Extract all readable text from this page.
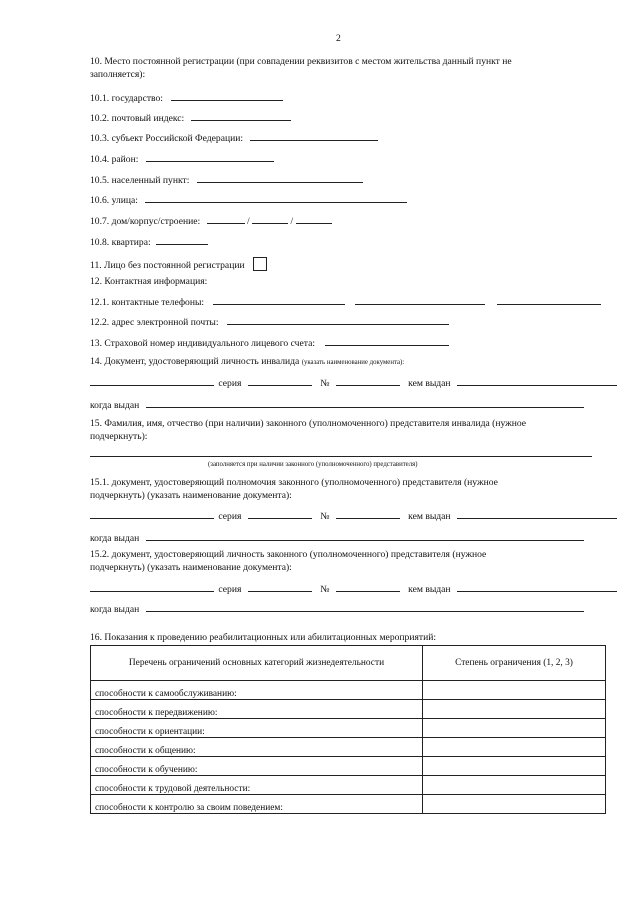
2
10. Место постоянной регистрации (при совпадении реквизитов с местом жительства данный пункт не
заполняется):
10.1. государство:
10.2. почтовый индекс:
10.3. субъект Российской Федерации:
10.4. район:
10.5. населенный пункт:
10.6. улица:
10.7. дом/корпус/строение:	/	/
10.8. квартира:
11. Лицо без постоянной регистрации
12. Контактная информация:
12.1. контактные телефоны:
12.2. адрес электронной почты:
13. Страховой номер индивидуального лицевого счета:
14. Документ, удостоверяющий личность инвалида (указать наименование документа):
серия	№	кем выдан
когда выдан
15. Фамилия, имя, отчество (при наличии) законного (уполномоченного) представителя инвалида (нужное
подчеркнуть):
(заполняется при наличии законного (уполномоченного) представителя)
15.1. документ, удостоверяющий полномочия законного (уполномоченного) представителя (нужное
подчеркнуть) (указать наименование документа):
серия	№	кем выдан
когда выдан
15.2. документ, удостоверяющий личность законного (уполномоченного) представителя (нужное
подчеркнуть) (указать наименование документа):
серия	№	кем выдан
когда выдан
16. Показания к проведению реабилитационных или абилитационных мероприятий:
Перечень ограничений основных категорий жизнедеятельности	Степень ограничения (1, 2, 3)
способности к самообслуживанию:	
способности к передвижению:	
способности к ориентации:	
способности к общению:	
способности к обучению:	
способности к трудовой деятельности:	
способности к контролю за своим поведением:	
